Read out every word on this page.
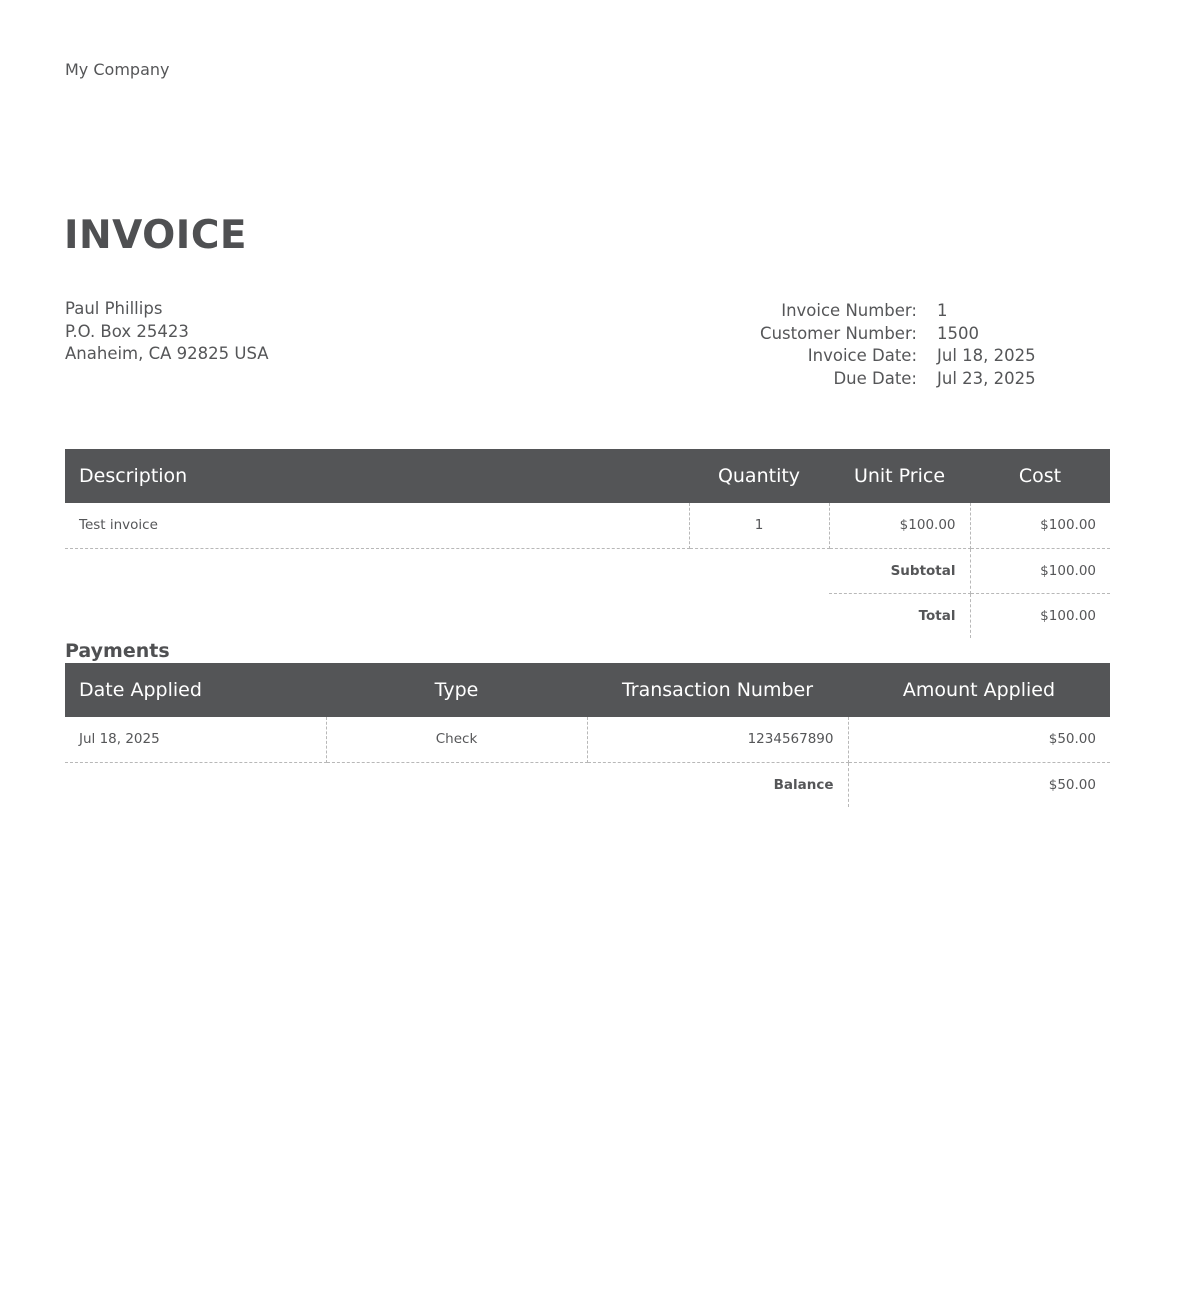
My Company
INVOICE
Paul Phillips
P.O. Box 25423
Anaheim, CA 92825 USA
Invoice Number:	1
Customer Number:	1500
Invoice Date:	Jul 18, 2025
Due Date:	Jul 23, 2025
Description	Quantity	Unit Price	Cost
Test invoice	1	$100.00	$100.00
		Subtotal	$100.00
		Total	$100.00
Payments
Date Applied	Type	Transaction Number	Amount Applied
Jul 18, 2025	Check	1234567890	$50.00
		Balance	$50.00
